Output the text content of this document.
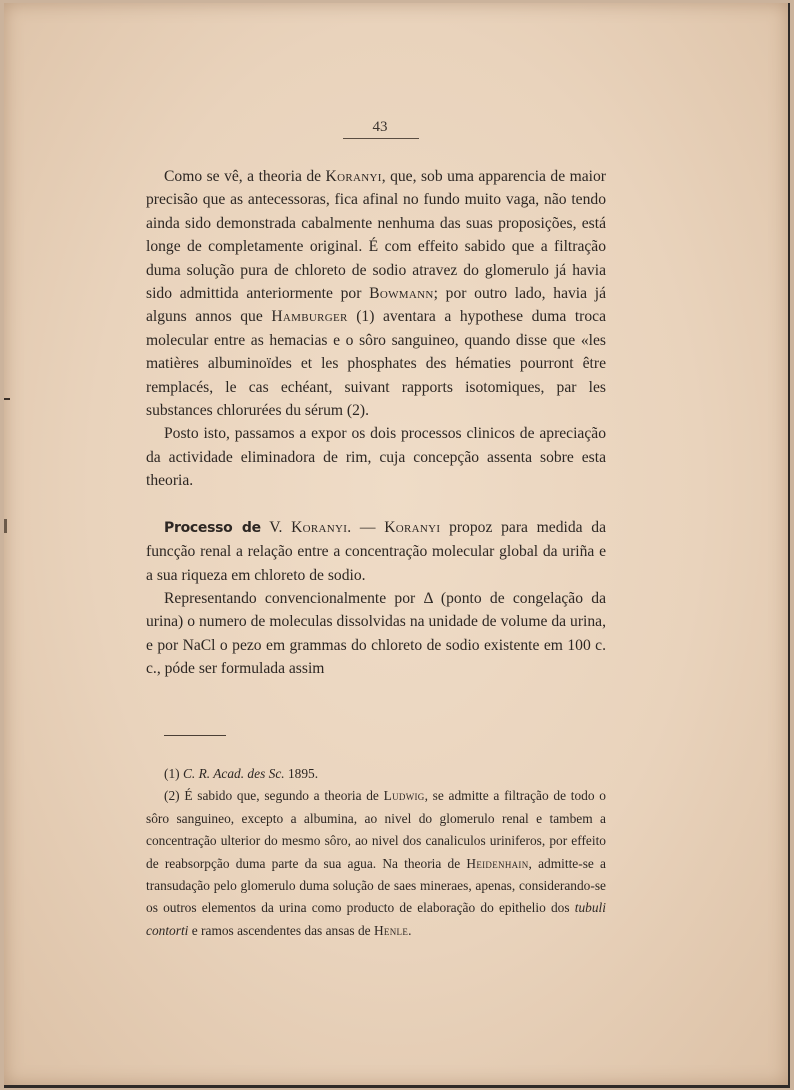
43

Como se vê, a theoria de Koranyi, que, sob uma apparencia de maior precisão que as antecessoras, fica afinal no fundo muito vaga, não tendo ainda sido demonstrada cabalmente nenhuma das suas proposições, está longe de completamente original. É com effeito sabido que a filtração duma solução pura de chloreto de sodio atravez do glomerulo já havia sido admittida anteriormente por Bowmann; por outro lado, havia já alguns annos que Hamburger (1) aventara a hypothese duma troca molecular entre as hemacias e o sôro sanguineo, quando disse que «les matières albuminoïdes et les phosphates des hématies pourront être remplacés, le cas echéant, suivant rapports isotomiques, par les substances chlorurées du sérum (2).

Posto isto, passamos a expor os dois processos clinicos de apreciação da actividade eliminadora de rim, cuja concepção assenta sobre esta theoria.

Processo de V. Koranyi. — Koranyi propoz para medida da funcção renal a relação entre a concentração molecular global da uriña e a sua riqueza em chloreto de sodio.

Representando convencionalmente por Δ (ponto de congelação da urina) o numero de moleculas dissolvidas na unidade de volume da urina, e por NaCl o pezo em grammas do chloreto de sodio existente em 100 c. c., póde ser formulada assim

(1) C. R. Acad. des Sc. 1895.

(2) É sabido que, segundo a theoria de Ludwig, se admitte a filtração de todo o sôro sanguineo, excepto a albumina, ao nivel do glomerulo renal e tambem a concentração ulterior do mesmo sôro, ao nivel dos canaliculos uriniferos, por effeito de reabsorpção duma parte da sua agua. Na theoria de Heidenhain, admitte-se a transudação pelo glomerulo duma solução de saes mineraes, apenas, considerando-se os outros elementos da urina como producto de elaboração do epithelio dos tubuli contorti e ramos ascendentes das ansas de Henle.
